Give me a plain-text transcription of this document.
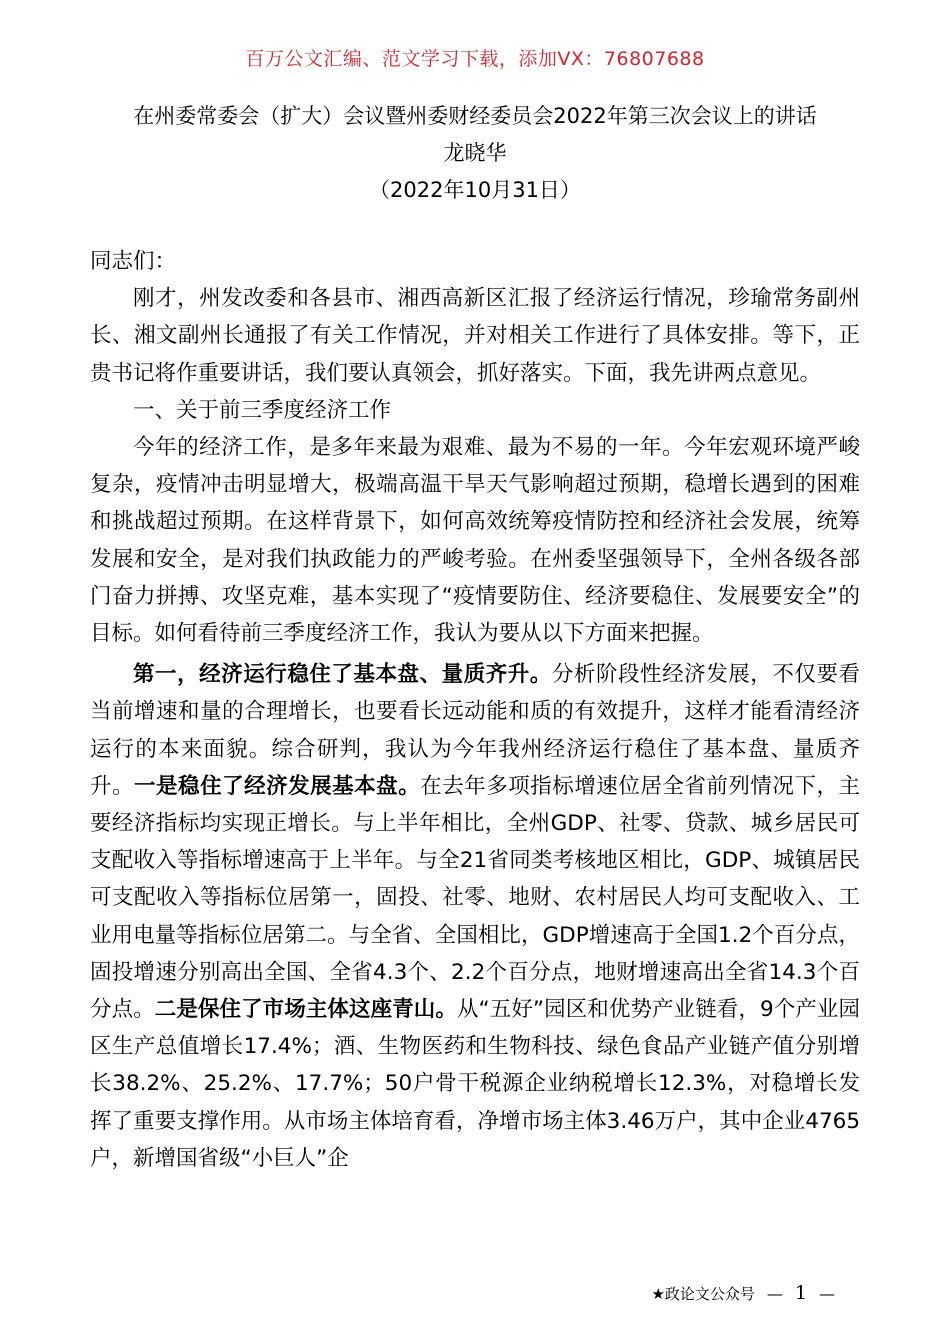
百万公文汇编、范文学习下载，添加VX：76807688
在州委常委会（扩大）会议暨州委财经委员会2022年第三次会议上的讲话
龙晓华
（2022年10月31日）

同志们：

刚才，州发改委和各县市、湘西高新区汇报了经济运行情况，珍瑜常务副州长、湘文副州长通报了有关工作情况，并对相关工作进行了具体安排。等下，正贵书记将作重要讲话，我们要认真领会，抓好落实。下面，我先讲两点意见。

一、关于前三季度经济工作

今年的经济工作，是多年来最为艰难、最为不易的一年。今年宏观环境严峻复杂，疫情冲击明显增大，极端高温干旱天气影响超过预期，稳增长遇到的困难和挑战超过预期。在这样背景下，如何高效统筹疫情防控和经济社会发展，统筹发展和安全，是对我们执政能力的严峻考验。在州委坚强领导下，全州各级各部门奋力拼搏、攻坚克难，基本实现了“疫情要防住、经济要稳住、发展要安全”的目标。如何看待前三季度经济工作，我认为要从以下方面来把握。

第一，经济运行稳住了基本盘、量质齐升。分析阶段性经济发展，不仅要看当前增速和量的合理增长，也要看长远动能和质的有效提升，这样才能看清经济运行的本来面貌。综合研判，我认为今年我州经济运行稳住了基本盘、量质齐升。一是稳住了经济发展基本盘。在去年多项指标增速位居全省前列情况下，主要经济指标均实现正增长。与上半年相比，全州GDP、社零、贷款、城乡居民可支配收入等指标增速高于上半年。与全21省同类考核地区相比，GDP、城镇居民可支配收入等指标位居第一，固投、社零、地财、农村居民人均可支配收入、工业用电量等指标位居第二。与全省、全国相比，GDP增速高于全国1.2个百分点，固投增速分别高出全国、全省4.3个、2.2个百分点，地财增速高出全省14.3个百分点。二是保住了市场主体这座青山。从“五好”园区和优势产业链看，9个产业园区生产总值增长17.4%；酒、生物医药和生物科技、绿色食品产业链产值分别增长38.2%、25.2%、17.7%；50户骨干税源企业纳税增长12.3%，对稳增长发挥了重要支撑作用。从市场主体培育看，净增市场主体3.46万户，其中企业4765户，新增国省级“小巨人”企

★政论文公众号 — 1 —
